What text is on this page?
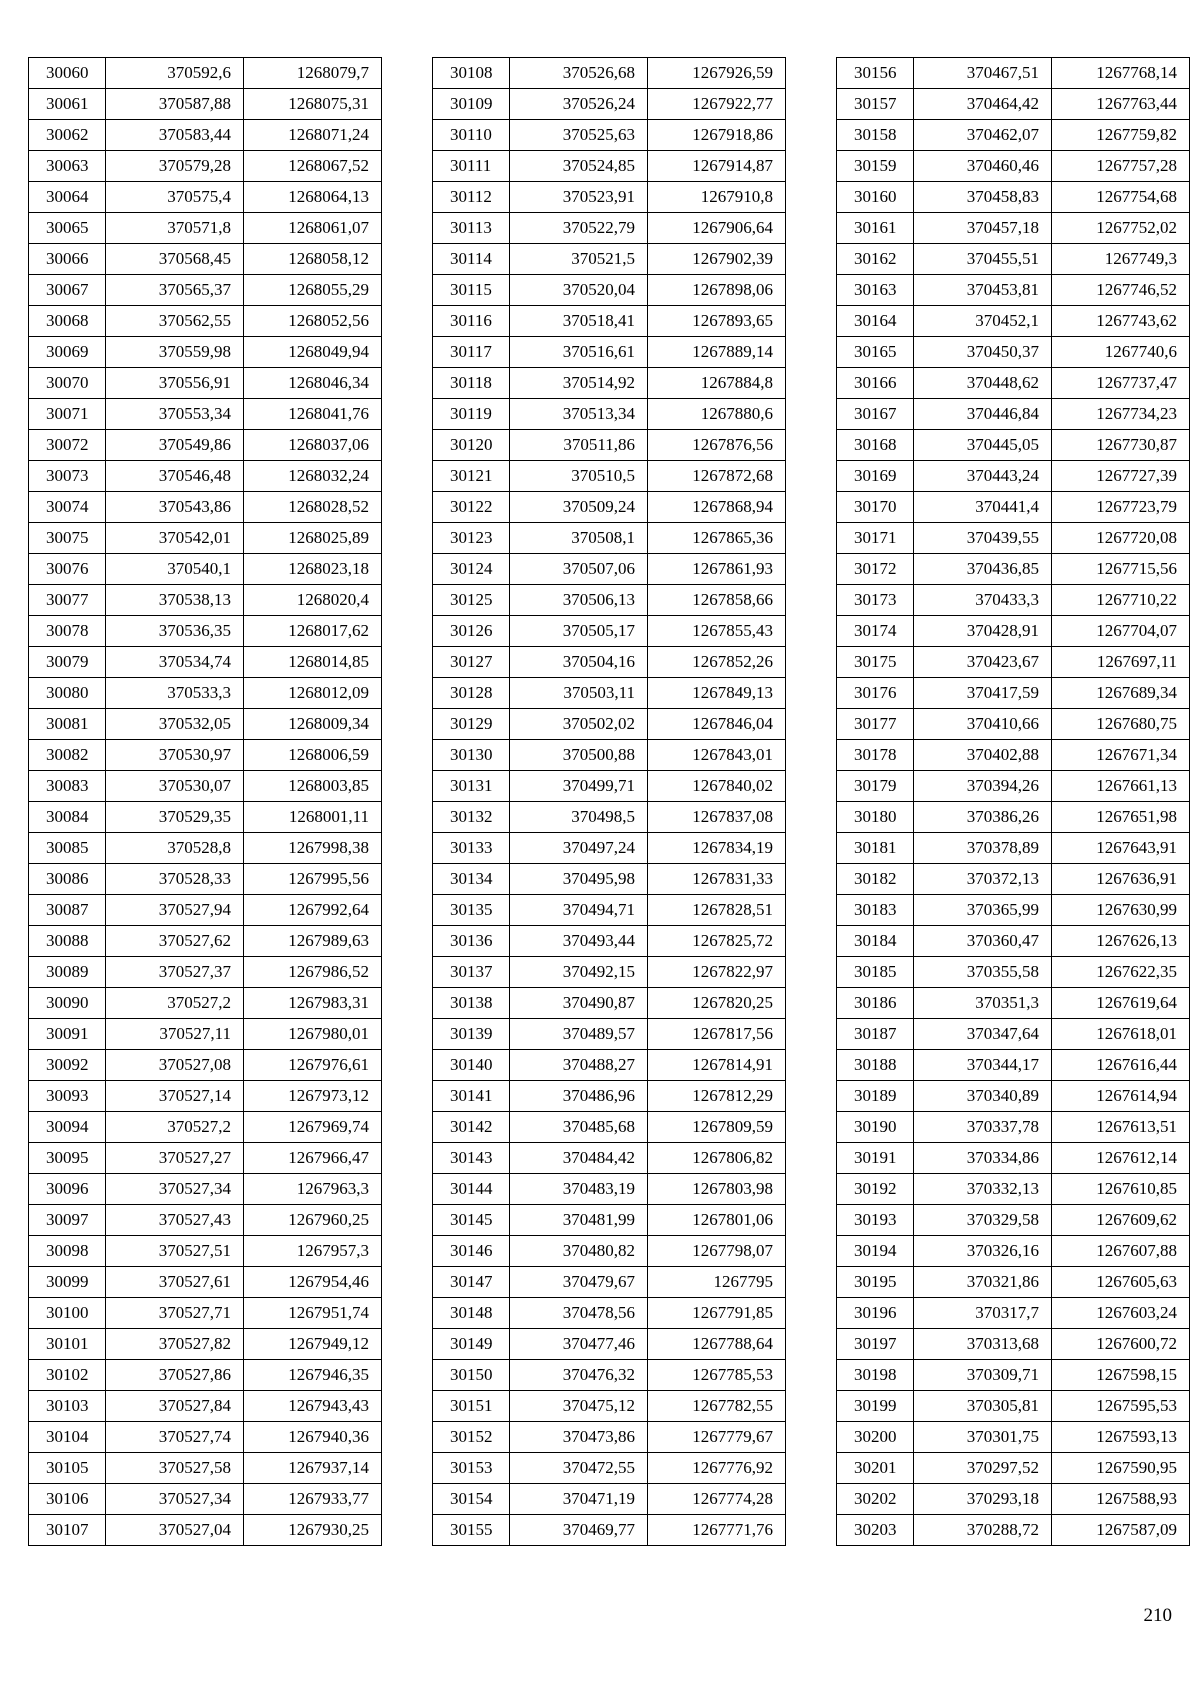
30060	370592,6	1268079,7
30061	370587,88	1268075,31
30062	370583,44	1268071,24
30063	370579,28	1268067,52
30064	370575,4	1268064,13
30065	370571,8	1268061,07
30066	370568,45	1268058,12
30067	370565,37	1268055,29
30068	370562,55	1268052,56
30069	370559,98	1268049,94
30070	370556,91	1268046,34
30071	370553,34	1268041,76
30072	370549,86	1268037,06
30073	370546,48	1268032,24
30074	370543,86	1268028,52
30075	370542,01	1268025,89
30076	370540,1	1268023,18
30077	370538,13	1268020,4
30078	370536,35	1268017,62
30079	370534,74	1268014,85
30080	370533,3	1268012,09
30081	370532,05	1268009,34
30082	370530,97	1268006,59
30083	370530,07	1268003,85
30084	370529,35	1268001,11
30085	370528,8	1267998,38
30086	370528,33	1267995,56
30087	370527,94	1267992,64
30088	370527,62	1267989,63
30089	370527,37	1267986,52
30090	370527,2	1267983,31
30091	370527,11	1267980,01
30092	370527,08	1267976,61
30093	370527,14	1267973,12
30094	370527,2	1267969,74
30095	370527,27	1267966,47
30096	370527,34	1267963,3
30097	370527,43	1267960,25
30098	370527,51	1267957,3
30099	370527,61	1267954,46
30100	370527,71	1267951,74
30101	370527,82	1267949,12
30102	370527,86	1267946,35
30103	370527,84	1267943,43
30104	370527,74	1267940,36
30105	370527,58	1267937,14
30106	370527,34	1267933,77
30107	370527,04	1267930,25
30108	370526,68	1267926,59
30109	370526,24	1267922,77
30110	370525,63	1267918,86
30111	370524,85	1267914,87
30112	370523,91	1267910,8
30113	370522,79	1267906,64
30114	370521,5	1267902,39
30115	370520,04	1267898,06
30116	370518,41	1267893,65
30117	370516,61	1267889,14
30118	370514,92	1267884,8
30119	370513,34	1267880,6
30120	370511,86	1267876,56
30121	370510,5	1267872,68
30122	370509,24	1267868,94
30123	370508,1	1267865,36
30124	370507,06	1267861,93
30125	370506,13	1267858,66
30126	370505,17	1267855,43
30127	370504,16	1267852,26
30128	370503,11	1267849,13
30129	370502,02	1267846,04
30130	370500,88	1267843,01
30131	370499,71	1267840,02
30132	370498,5	1267837,08
30133	370497,24	1267834,19
30134	370495,98	1267831,33
30135	370494,71	1267828,51
30136	370493,44	1267825,72
30137	370492,15	1267822,97
30138	370490,87	1267820,25
30139	370489,57	1267817,56
30140	370488,27	1267814,91
30141	370486,96	1267812,29
30142	370485,68	1267809,59
30143	370484,42	1267806,82
30144	370483,19	1267803,98
30145	370481,99	1267801,06
30146	370480,82	1267798,07
30147	370479,67	1267795
30148	370478,56	1267791,85
30149	370477,46	1267788,64
30150	370476,32	1267785,53
30151	370475,12	1267782,55
30152	370473,86	1267779,67
30153	370472,55	1267776,92
30154	370471,19	1267774,28
30155	370469,77	1267771,76
30156	370467,51	1267768,14
30157	370464,42	1267763,44
30158	370462,07	1267759,82
30159	370460,46	1267757,28
30160	370458,83	1267754,68
30161	370457,18	1267752,02
30162	370455,51	1267749,3
30163	370453,81	1267746,52
30164	370452,1	1267743,62
30165	370450,37	1267740,6
30166	370448,62	1267737,47
30167	370446,84	1267734,23
30168	370445,05	1267730,87
30169	370443,24	1267727,39
30170	370441,4	1267723,79
30171	370439,55	1267720,08
30172	370436,85	1267715,56
30173	370433,3	1267710,22
30174	370428,91	1267704,07
30175	370423,67	1267697,11
30176	370417,59	1267689,34
30177	370410,66	1267680,75
30178	370402,88	1267671,34
30179	370394,26	1267661,13
30180	370386,26	1267651,98
30181	370378,89	1267643,91
30182	370372,13	1267636,91
30183	370365,99	1267630,99
30184	370360,47	1267626,13
30185	370355,58	1267622,35
30186	370351,3	1267619,64
30187	370347,64	1267618,01
30188	370344,17	1267616,44
30189	370340,89	1267614,94
30190	370337,78	1267613,51
30191	370334,86	1267612,14
30192	370332,13	1267610,85
30193	370329,58	1267609,62
30194	370326,16	1267607,88
30195	370321,86	1267605,63
30196	370317,7	1267603,24
30197	370313,68	1267600,72
30198	370309,71	1267598,15
30199	370305,81	1267595,53
30200	370301,75	1267593,13
30201	370297,52	1267590,95
30202	370293,18	1267588,93
30203	370288,72	1267587,09
210
